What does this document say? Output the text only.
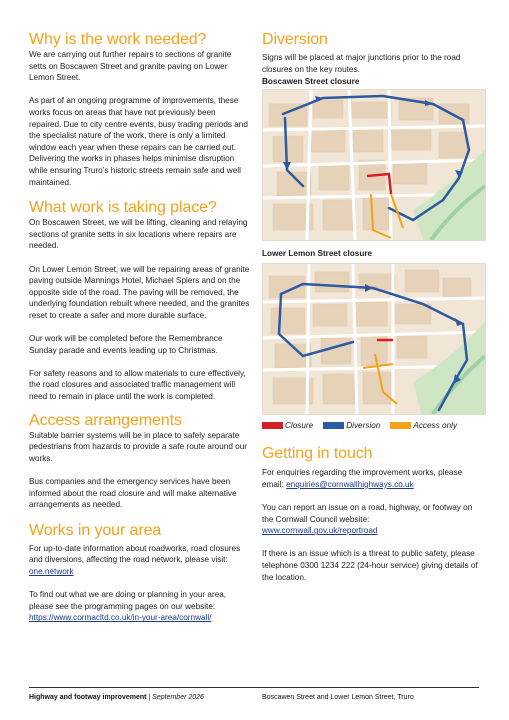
Why is the work needed?

We are carrying out further repairs to sections of granite setts on Boscawen Street and granite paving on Lower Lemon Street.

As part of an ongoing programme of improvements, these works focus on areas that have not previously been repaired. Due to city centre events, busy trading periods and the specialist nature of the work, there is only a limited window each year when these repairs can be carried out. Delivering the works in phases helps minimise disruption while ensuring Truro’s historic streets remain safe and well maintained.

What work is taking place?

On Boscawen Street, we will be lifting, cleaning and relaying sections of granite setts in six locations where repairs are needed.

On Lower Lemon Street, we will be repairing areas of granite paving outside Mannings Hotel, Michael Spiers and on the opposite side of the road. The paving will be removed, the underlying foundation rebuilt where needed, and the granites reset to create a safer and more durable surface.

Our work will be completed before the Remembrance Sunday parade and events leading up to Christmas.

For safety reasons and to allow materials to cure effectively, the road closures and associated traffic management will need to remain in place until the work is completed.

Access arrangements

Suitable barrier systems will be in place to safely separate pedestrians from hazards to provide a safe route around our works.

Bus companies and the emergency services have been informed about the road closure and will make alternative arrangements as needed.

Works in your area

For up-to-date information about roadworks, road closures and diversions, affecting the road network, please visit: one.network

To find out what we are doing or planning in your area, please see the programming pages on our website:

https://www.cormacltd.co.uk/in-your-area/cornwall/

Diversion

Signs will be placed at major junctions prior to the road closures on the key routes.

Boscawen Street closure

Lower Lemon Street closure

Closure	Diversion	Access only
Getting in touch

For enquiries regarding the improvement works, please email: enquiries@cornwallhighways.co.uk

You can report an issue on a road, highway, or footway on the Cornwall Council website:

www.cornwall.gov.uk/reportroad

If there is an issue which is a threat to public safety, please telephone 0300 1234 222 (24-hour service) giving details of the location.

Highway and footway improvement | September 2026	Boscawen Street and Lower Lemon Street, Truro
